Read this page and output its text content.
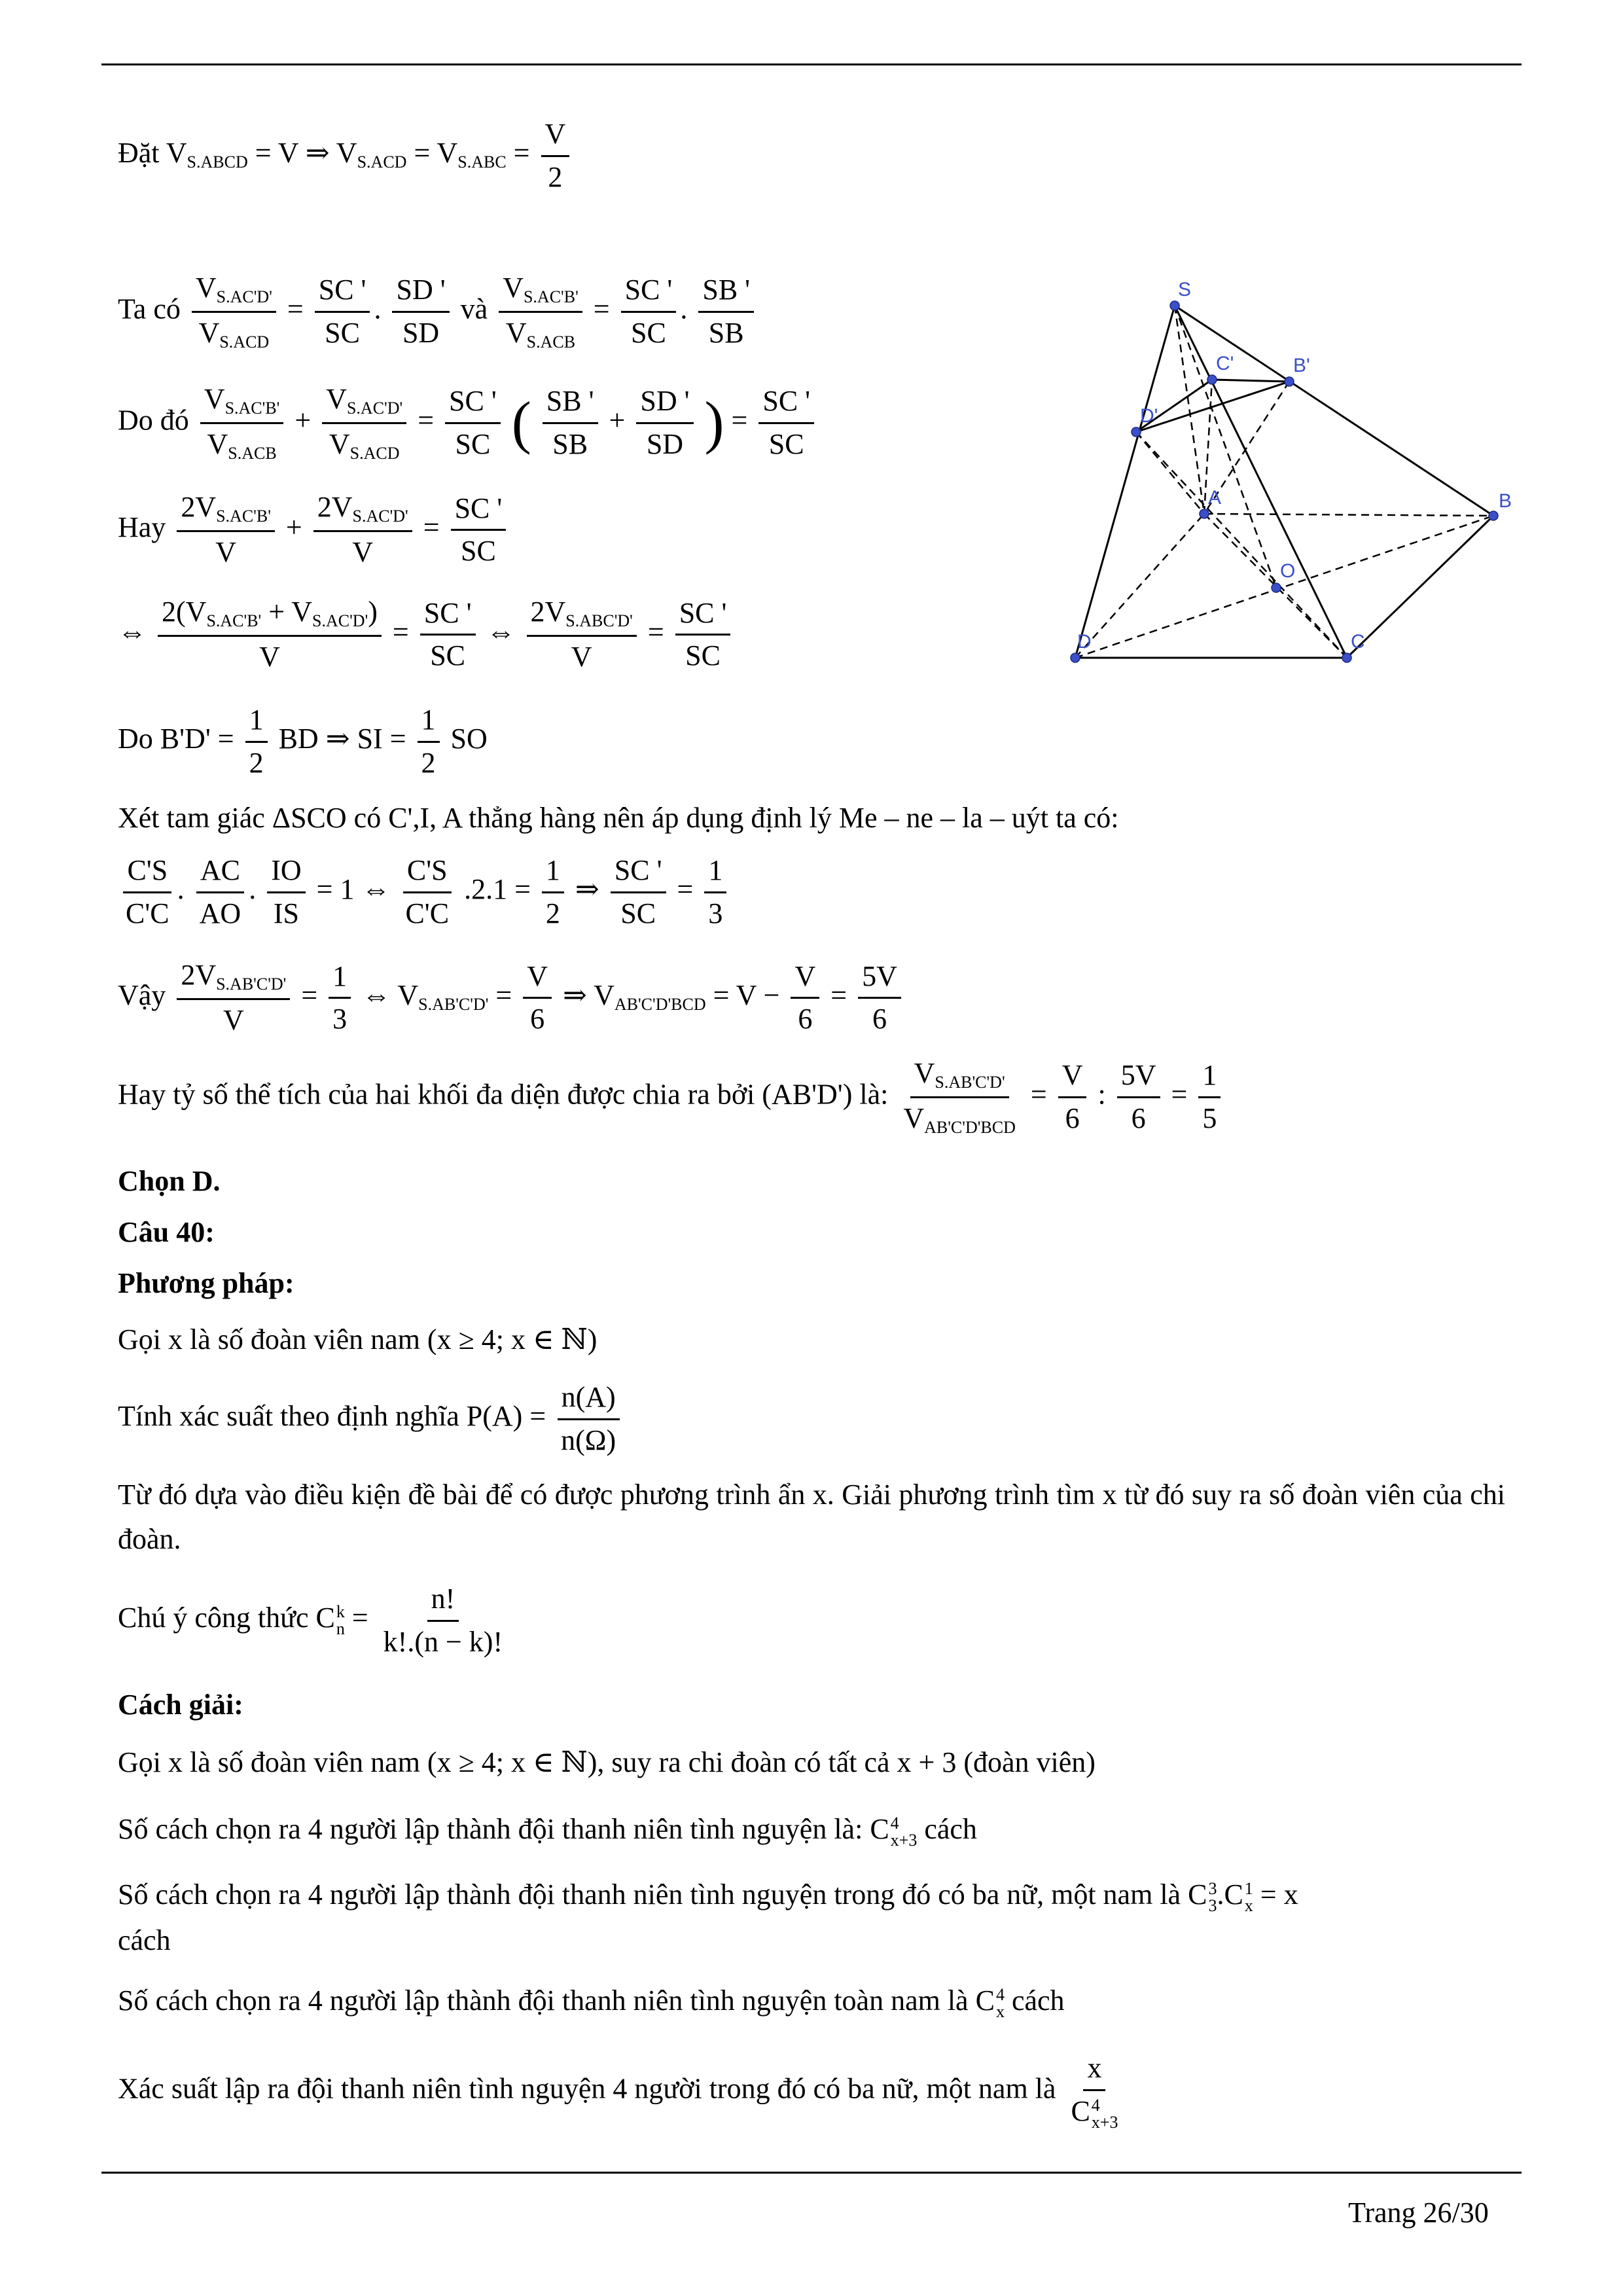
Đặt $V_{S.ABCD} = V$ ⇒ $V_{S.ACD} = V_{S.ABC} = \frac{V}{2}$
Ta có $\frac{V_{S.AC'D'}}{V_{S.ACD}} = \frac{SC '}{SC}$ . $\frac{SD '}{SD}$ và $\frac{V_{S.AC'B'}}{V_{S.ACB}} = \frac{SC '}{SC}$ . $\frac{SB '}{SB}$
Do đó $\frac{V_{S.AC'B'}}{V_{S.ACB}} + \frac{V_{S.AC'D'}}{V_{S.ACD}} = \frac{SC '}{SC}$ ( $\frac{SB '}{SB} + \frac{SD '}{SD}$ ) = $\frac{SC '}{SC}$
Hay $\frac{2V_{S.AC'B'}}{V} + \frac{2V_{S.AC'D'}}{V} = \frac{SC '}{SC}$
⇔ $\frac{2(V_{S.AC'B'} + V_{S.AC'D'})}{V} = \frac{SC '}{SC}$ ⇔ $\frac{2V_{S.ABC'D'}}{V} = \frac{SC '}{SC}$
Do $B'D' = \frac{1}{2}$ BD ⇒ SI = $\frac{1}{2}$ SO
Xét tam giác ΔSCO có C',I, A thẳng hàng nên áp dụng định lý Me – ne – la – uýt ta có:
$\frac{C'S}{C'C}$ . $\frac{AC}{AO}$ . $\frac{IO}{IS} = 1$ ⇔ $\frac{C'S}{C'C} .2.1 = \frac{1}{2}$ ⇒ $\frac{SC '}{SC} = \frac{1}{3}$
Vậy $\frac{2V_{S.AB'C'D'}}{V} = \frac{1}{3}$ ⇔ $V_{S.AB'C'D'} = \frac{V}{6}$ ⇒ $V_{AB'C'D'BCD} = V - \frac{V}{6} = \frac{5V}{6}$
Hay tỷ số thể tích của hai khối đa diện được chia ra bởi (AB'D') là: $\frac{V_{S.AB'C'D'}}{V_{AB'C'D'BCD}} = \frac{V}{6}$ : $\frac{5V}{6} = \frac{1}{5}$
Chọn D.
Câu 40:
Phương pháp:
Gọi x là số đoàn viên nam (x ≥ 4; x ∈ ℕ)
Tính xác suất theo định nghĩa $P(A) = \frac{n(A)}{n(\Omega)}$
Từ đó dựa vào điều kiện đề bài để có được phương trình ẩn x. Giải phương trình tìm x từ đó suy ra số đoàn viên của chi đoàn.
Chú ý công thức C k
$n = \frac{n!}{k!.(n - k)!}$
Cách giải:
Gọi x là số đoàn viên nam (x ≥ 4; x ∈ ℕ), suy ra chi đoàn có tất cả x + 3 (đoàn viên)
Số cách chọn ra 4 người lập thành đội thanh niên tình nguyện là: C 4
x+3 cách
Số cách chọn ra 4 người lập thành đội thanh niên tình nguyện trong đó có ba nữ, một nam là C 3
3 .C 1
x = x
cách
Số cách chọn ra 4 người lập thành đội thanh niên tình nguyện toàn nam là C 4
x cách
Xác suất lập ra đội thanh niên tình nguyện 4 người trong đó có ba nữ, một nam là x
C 4
x+3
S
C'	B'
D'
A	B
O
D	C
Trang 26/30
